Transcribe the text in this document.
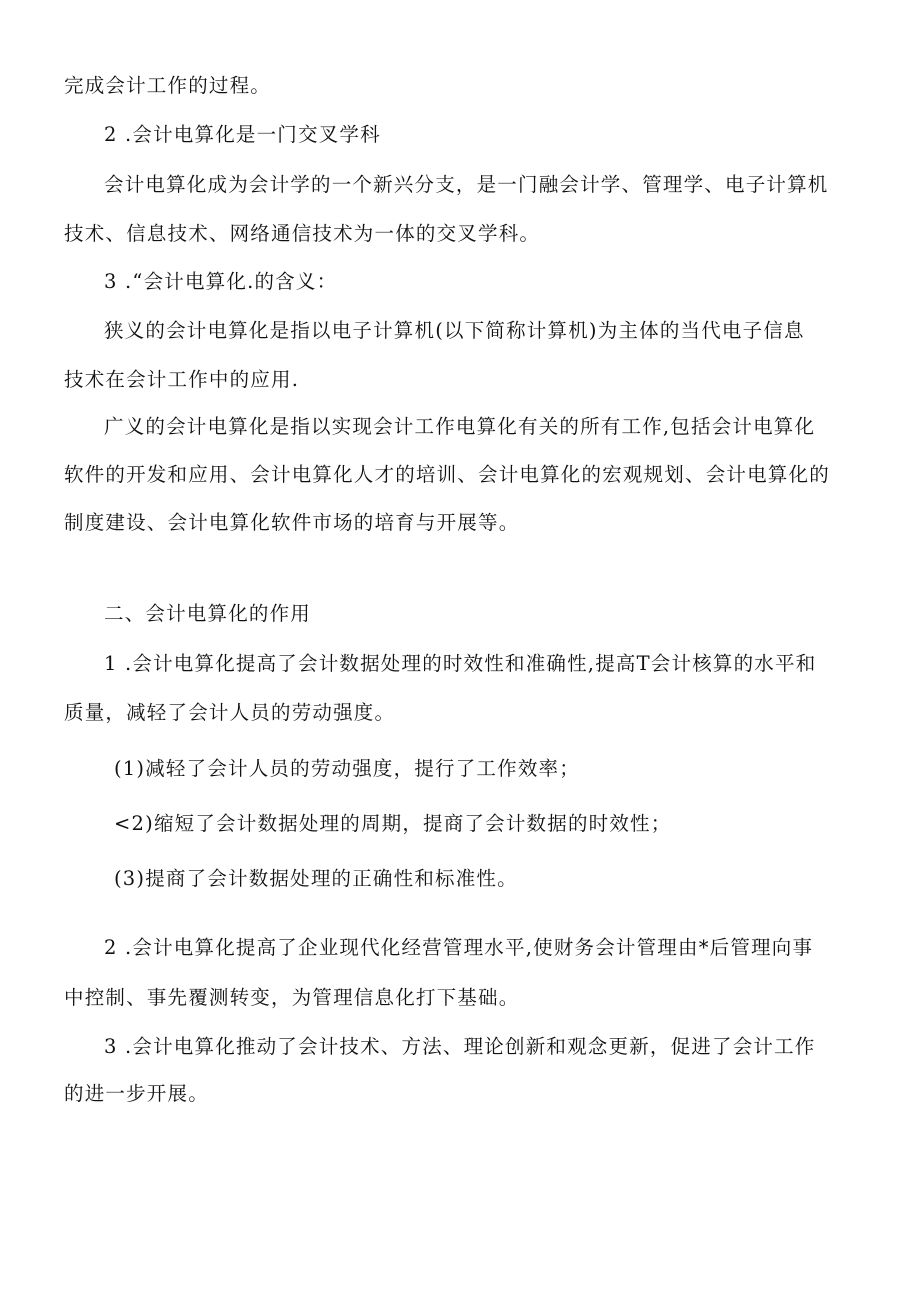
完成会计工作的过程。
2 .会计电算化是一门交叉学科
会计电算化成为会计学的一个新兴分支，是一门融会计学、管理学、电子计算机
技术、信息技术、网络通信技术为一体的交叉学科。
3 .“会计电算化.的含义：
狭义的会计电算化是指以电子计算机(以下简称计算机)为主体的当代电子信息
技术在会计工作中的应用.
广义的会计电算化是指以实现会计工作电算化有关的所有工作,包括会计电算化
软件的开发和应用、会计电算化人才的培训、会计电算化的宏观规划、会计电算化的
制度建设、会计电算化软件市场的培育与开展等。
二、会计电算化的作用
1 .会计电算化提高了会计数据处理的时效性和准确性,提高T会计核算的水平和
质量，减轻了会计人员的劳动强度。
(1)减轻了会计人员的劳动强度，提行了工作效率；
<2)缩短了会计数据处理的周期，提商了会计数据的时效性；
(3)提商了会计数据处理的正确性和标准性。
2 .会计电算化提高了企业现代化经营管理水平,使财务会计管理由*后管理向事
中控制、事先覆测转变，为管理信息化打下基础。
3 .会计电算化推动了会计技术、方法、理论创新和观念更新，促进了会计工作
的进一步开展。
